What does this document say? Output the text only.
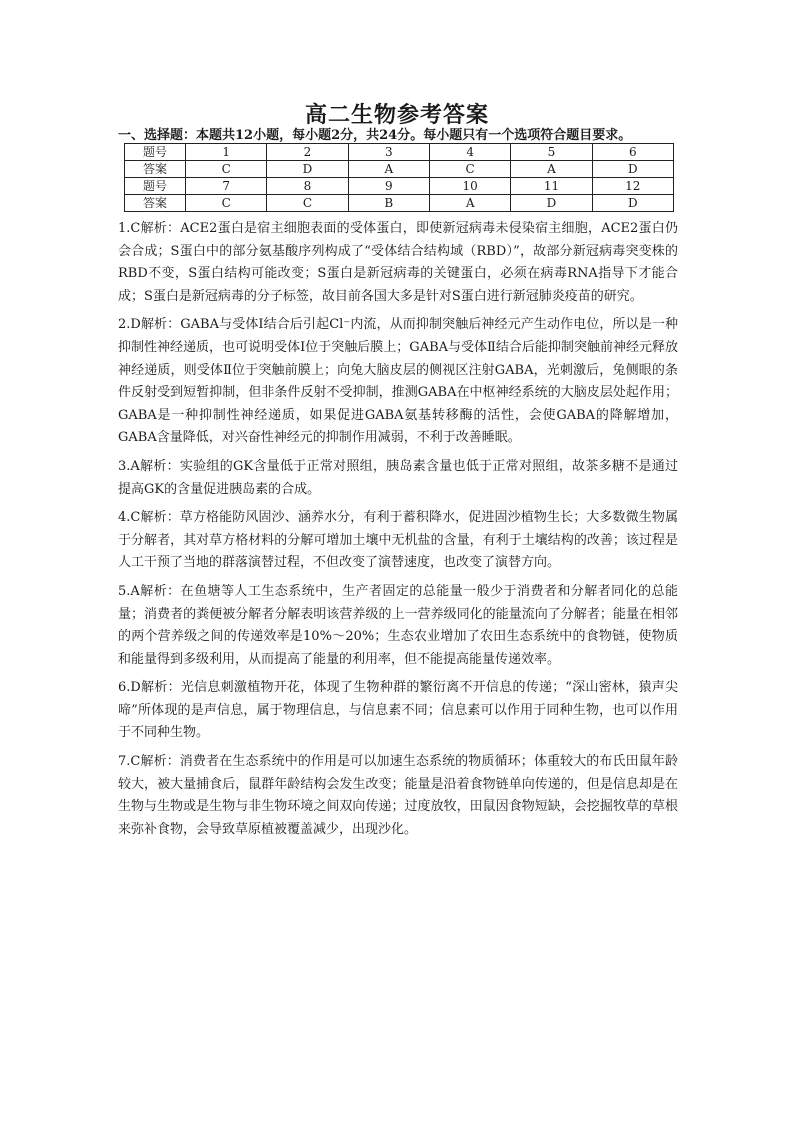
高二生物参考答案
一、选择题：本题共12小题，每小题2分，共24分。每小题只有一个选项符合题目要求。
题号	1	2	3	4	5	6
答案	C	D	A	C	A	D
题号	7	8	9	10	11	12
答案	C	C	B	A	D	D

1.C解析：ACE2蛋白是宿主细胞表面的受体蛋白，即使新冠病毒未侵染宿主细胞，ACE2蛋白仍会合成；S蛋白中的部分氨基酸序列构成了“受体结合结构域（RBD）”，故部分新冠病毒突变株的RBD不变，S蛋白结构可能改变；S蛋白是新冠病毒的关键蛋白，必须在病毒RNA指导下才能合成；S蛋白是新冠病毒的分子标签，故目前各国大多是针对S蛋白进行新冠肺炎疫苗的研究。

2.D解析：GABA与受体Ⅰ结合后引起Cl⁻内流，从而抑制突触后神经元产生动作电位，所以是一种抑制性神经递质，也可说明受体Ⅰ位于突触后膜上；GABA与受体Ⅱ结合后能抑制突触前神经元释放神经递质，则受体Ⅱ位于突触前膜上；向兔大脑皮层的侧视区注射GABA，光刺激后，兔侧眼的条件反射受到短暂抑制，但非条件反射不受抑制，推测GABA在中枢神经系统的大脑皮层处起作用；GABA是一种抑制性神经递质，如果促进GABA氨基转移酶的活性，会使GABA的降解增加，GABA含量降低，对兴奋性神经元的抑制作用减弱，不利于改善睡眠。

3.A解析：实验组的GK含量低于正常对照组，胰岛素含量也低于正常对照组，故茶多糖不是通过提高GK的含量促进胰岛素的合成。

4.C解析：草方格能防风固沙、涵养水分，有利于蓄积降水，促进固沙植物生长；大多数微生物属于分解者，其对草方格材料的分解可增加土壤中无机盐的含量，有利于土壤结构的改善；该过程是人工干预了当地的群落演替过程，不但改变了演替速度，也改变了演替方向。

5.A解析：在鱼塘等人工生态系统中，生产者固定的总能量一般少于消费者和分解者同化的总能量；消费者的粪便被分解者分解表明该营养级的上一营养级同化的能量流向了分解者；能量在相邻的两个营养级之间的传递效率是10%～20%；生态农业增加了农田生态系统中的食物链，使物质和能量得到多级利用，从而提高了能量的利用率，但不能提高能量传递效率。

6.D解析：光信息刺激植物开花，体现了生物种群的繁衍离不开信息的传递；“深山密林，猿声尖啼”所体现的是声信息，属于物理信息，与信息素不同；信息素可以作用于同种生物，也可以作用于不同种生物。

7.C解析：消费者在生态系统中的作用是可以加速生态系统的物质循环；体重较大的布氏田鼠年龄较大，被大量捕食后，鼠群年龄结构会发生改变；能量是沿着食物链单向传递的，但是信息却是在生物与生物或是生物与非生物环境之间双向传递；过度放牧，田鼠因食物短缺，会挖掘牧草的草根来弥补食物，会导致草原植被覆盖减少，出现沙化。
